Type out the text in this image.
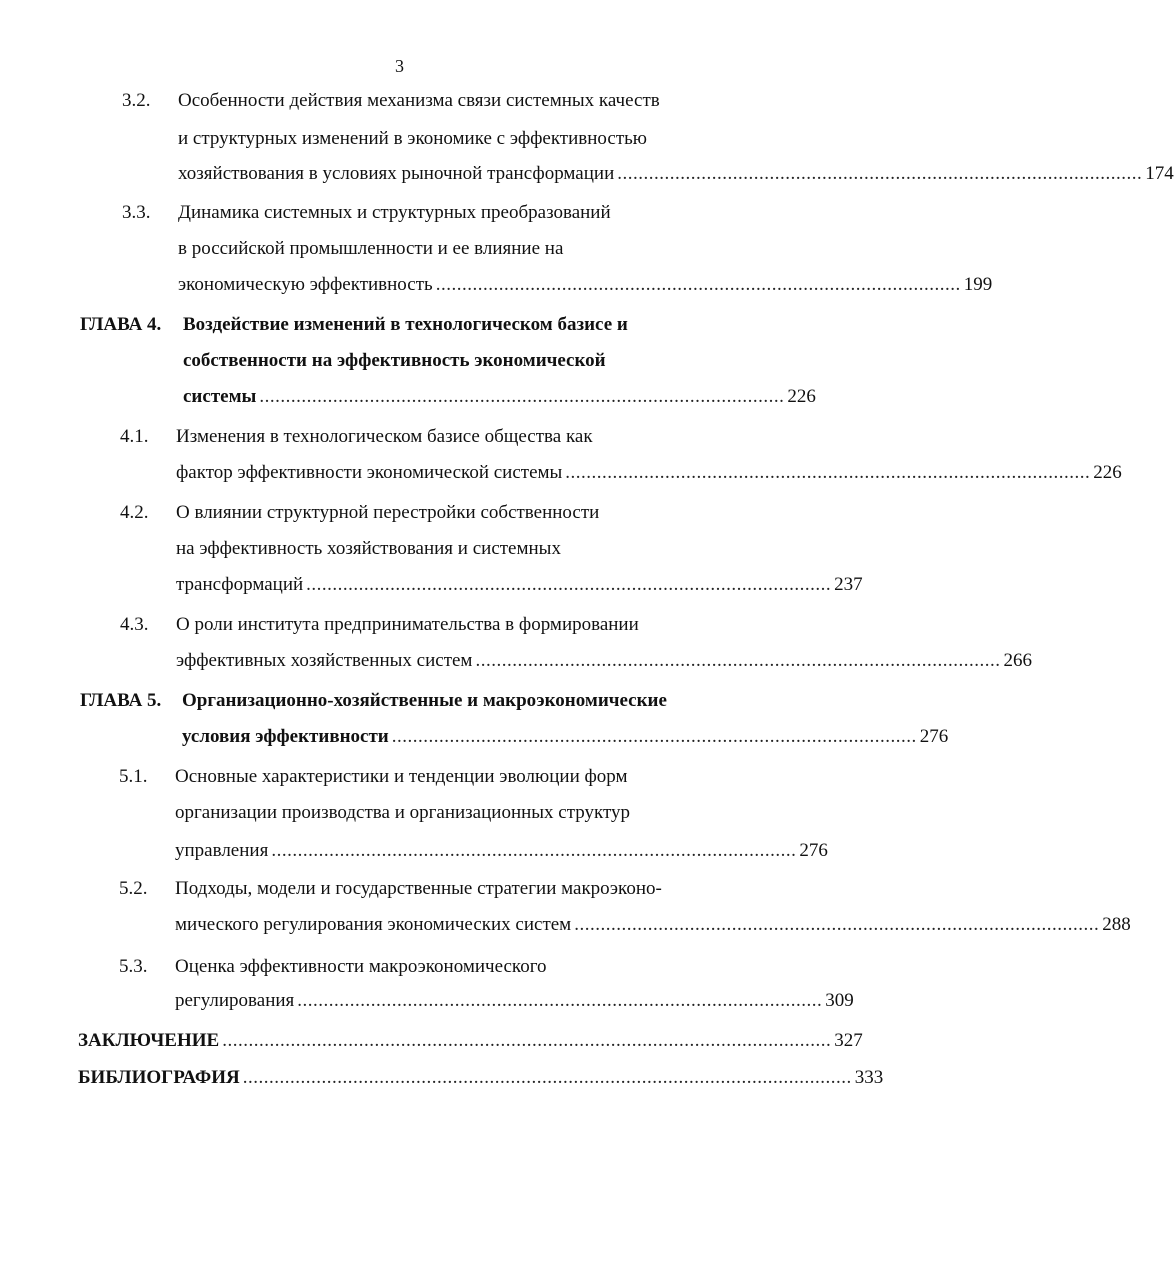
3
3.2. Особенности действия механизма связи системных качеств
и структурных изменений в экономике с эффективностью
хозяйствования в условиях рыночной трансформации .................................................................................................... 174
3.3. Динамика системных и структурных преобразований
в российской промышленности и ее влияние на
экономическую эффективность .................................................................................................... 199
ГЛАВА 4. Воздействие изменений в технологическом базисе и
собственности на эффективность экономической
системы .................................................................................................... 226
4.1. Изменения в технологическом базисе общества как
фактор эффективности экономической системы .................................................................................................... 226
4.2. О влиянии структурной перестройки собственности
на эффективность хозяйствования и системных
трансформаций .................................................................................................... 237
4.3. О роли института предпринимательства в формировании
эффективных хозяйственных систем .................................................................................................... 266
ГЛАВА 5. Организационно-хозяйственные и макроэкономические
условия эффективности .................................................................................................... 276
5.1. Основные характеристики и тенденции эволюции форм
организации производства и организационных структур
управления .................................................................................................... 276
5.2. Подходы, модели и государственные стратегии макроэконо-
мического регулирования экономических систем .................................................................................................... 288
5.3. Оценка эффективности макроэкономического
регулирования .................................................................................................... 309
ЗАКЛЮЧЕНИЕ .................................................................................................................... 327
БИБЛИОГРАФИЯ .................................................................................................................... 333
